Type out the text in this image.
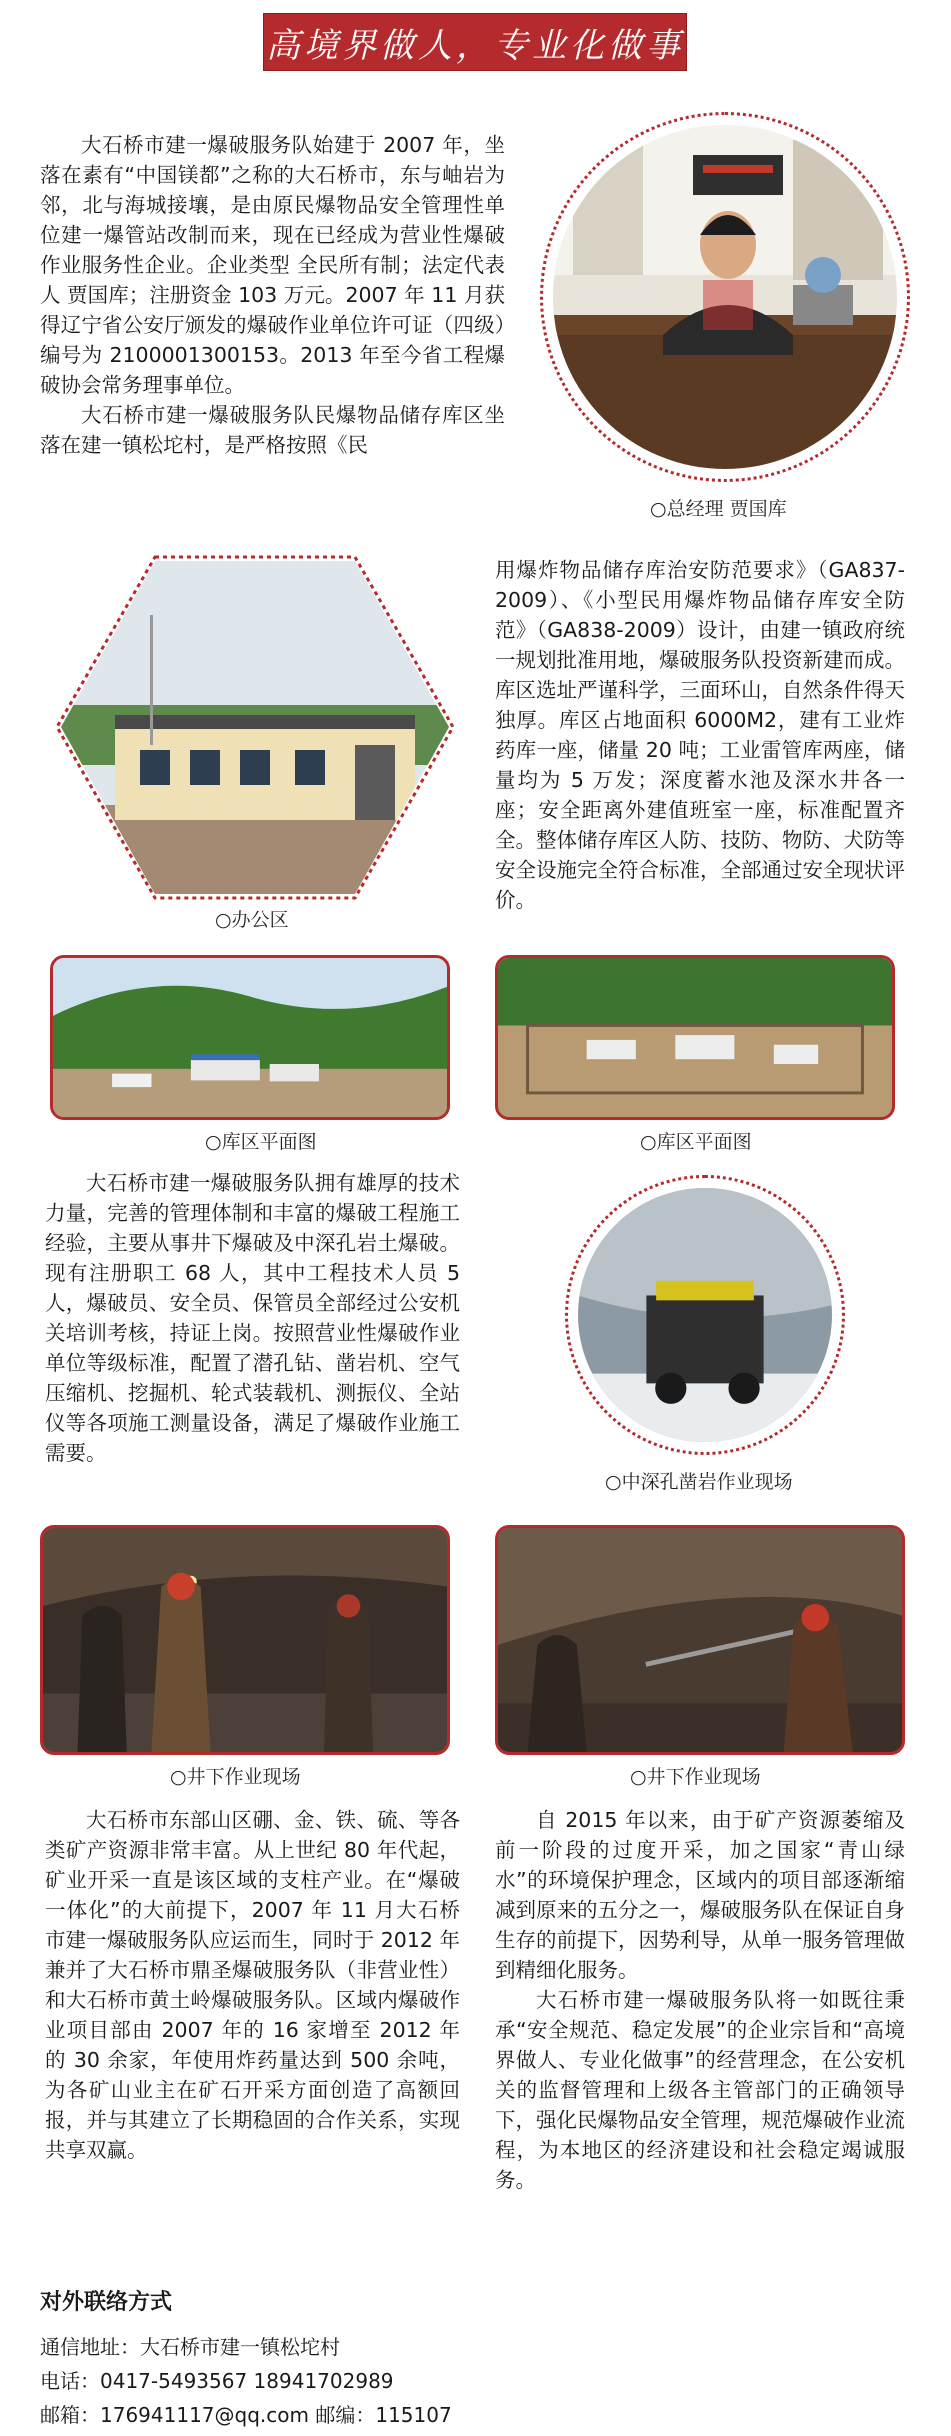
高境界做人，专业化做事

大石桥市建一爆破服务队始建于 2007 年，坐落在素有“中国镁都”之称的大石桥市，东与岫岩为邻，北与海城接壤，是由原民爆物品安全管理性单位建一爆管站改制而来，现在已经成为营业性爆破作业服务性企业。企业类型 全民所有制；法定代表人 贾国库；注册资金 103 万元。2007 年 11 月获得辽宁省公安厅颁发的爆破作业单位许可证（四级）编号为 2100001300153。2013 年至今省工程爆破协会常务理事单位。

大石桥市建一爆破服务队民爆物品储存库区坐落在建一镇松坨村，是严格按照《民

○总经理 贾国库
○办公区

用爆炸物品储存库治安防范要求》（GA837-2009）、《小型民用爆炸物品储存库安全防范》（GA838-2009）设计，由建一镇政府统一规划批准用地，爆破服务队投资新建而成。库区选址严谨科学，三面环山，自然条件得天独厚。库区占地面积 6000M2，建有工业炸药库一座，储量 20 吨；工业雷管库两座，储量均为 5 万发；深度蓄水池及深水井各一座；安全距离外建值班室一座，标准配置齐全。整体储存库区人防、技防、物防、犬防等安全设施完全符合标准，全部通过安全现状评价。

○库区平面图	○库区平面图

大石桥市建一爆破服务队拥有雄厚的技术力量，完善的管理体制和丰富的爆破工程施工经验，主要从事井下爆破及中深孔岩土爆破。现有注册职工 68 人，其中工程技术人员 5 人，爆破员、安全员、保管员全部经过公安机关培训考核，持证上岗。按照营业性爆破作业单位等级标准，配置了潜孔钻、凿岩机、空气压缩机、挖掘机、轮式装载机、测振仪、全站仪等各项施工测量设备，满足了爆破作业施工需要。

○中深孔凿岩作业现场
○井下作业现场	○井下作业现场

大石桥市东部山区硼、金、铁、硫、等各类矿产资源非常丰富。从上世纪 80 年代起，矿业开采一直是该区域的支柱产业。在“爆破一体化”的大前提下，2007 年 11 月大石桥市建一爆破服务队应运而生，同时于 2012 年兼并了大石桥市鼎圣爆破服务队（非营业性）和大石桥市黄土岭爆破服务队。区域内爆破作业项目部由 2007 年的 16 家增至 2012 年的 30 余家，年使用炸药量达到 500 余吨，为各矿山业主在矿石开采方面创造了高额回报，并与其建立了长期稳固的合作关系，实现共享双赢。

自 2015 年以来，由于矿产资源萎缩及前一阶段的过度开采，加之国家“青山绿水”的环境保护理念，区域内的项目部逐渐缩减到原来的五分之一，爆破服务队在保证自身生存的前提下，因势利导，从单一服务管理做到精细化服务。

大石桥市建一爆破服务队将一如既往秉承“安全规范、稳定发展”的企业宗旨和“高境界做人、专业化做事”的经营理念，在公安机关的监督管理和上级各主管部门的正确领导下，强化民爆物品安全管理，规范爆破作业流程，为本地区的经济建设和社会稳定竭诚服务。

对外联络方式
通信地址：大石桥市建一镇松坨村
电话：0417-5493567 18941702989
邮箱：176941117@qq.com 邮编：115107
